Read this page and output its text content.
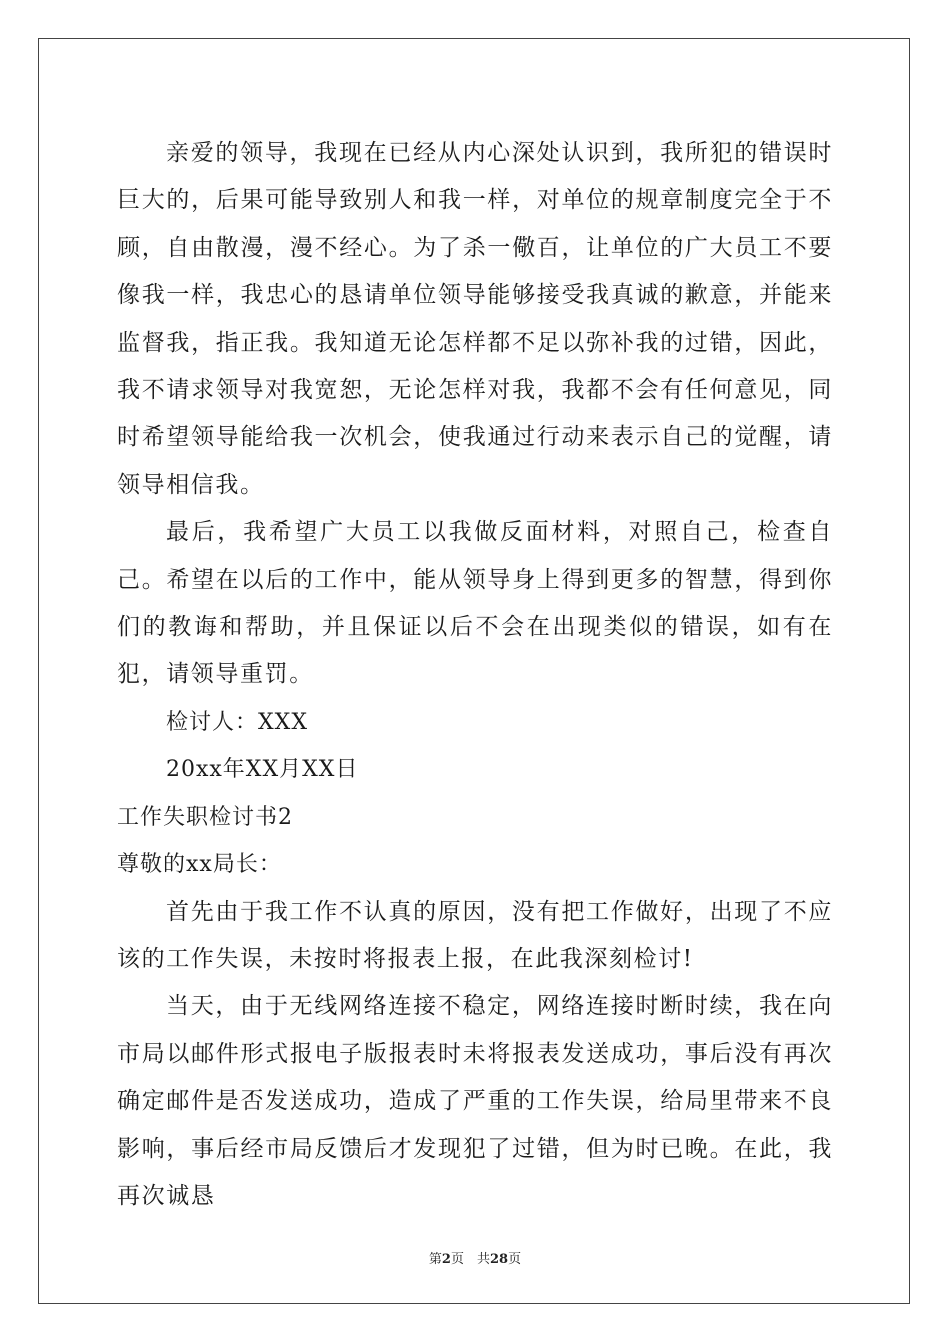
亲爱的领导，我现在已经从内心深处认识到，我所犯的错误时巨大的，后果可能导致别人和我一样，对单位的规章制度完全于不顾，自由散漫，漫不经心。为了杀一儆百，让单位的广大员工不要像我一样，我忠心的恳请单位领导能够接受我真诚的歉意，并能来监督我，指正我。我知道无论怎样都不足以弥补我的过错，因此，我不请求领导对我宽恕，无论怎样对我，我都不会有任何意见，同时希望领导能给我一次机会，使我通过行动来表示自己的觉醒，请领导相信我。

最后，我希望广大员工以我做反面材料，对照自己，检查自己。希望在以后的工作中，能从领导身上得到更多的智慧，得到你们的教诲和帮助，并且保证以后不会在出现类似的错误，如有在犯，请领导重罚。

检讨人：XXX

20xx年XX月XX日

工作失职检讨书2

尊敬的xx局长：

首先由于我工作不认真的原因，没有把工作做好，出现了不应该的工作失误，未按时将报表上报，在此我深刻检讨!

当天，由于无线网络连接不稳定，网络连接时断时续，我在向市局以邮件形式报电子版报表时未将报表发送成功，事后没有再次确定邮件是否发送成功，造成了严重的工作失误，给局里带来不良影响，事后经市局反馈后才发现犯了过错，但为时已晚。在此，我再次诚恳

第2页　共28页
